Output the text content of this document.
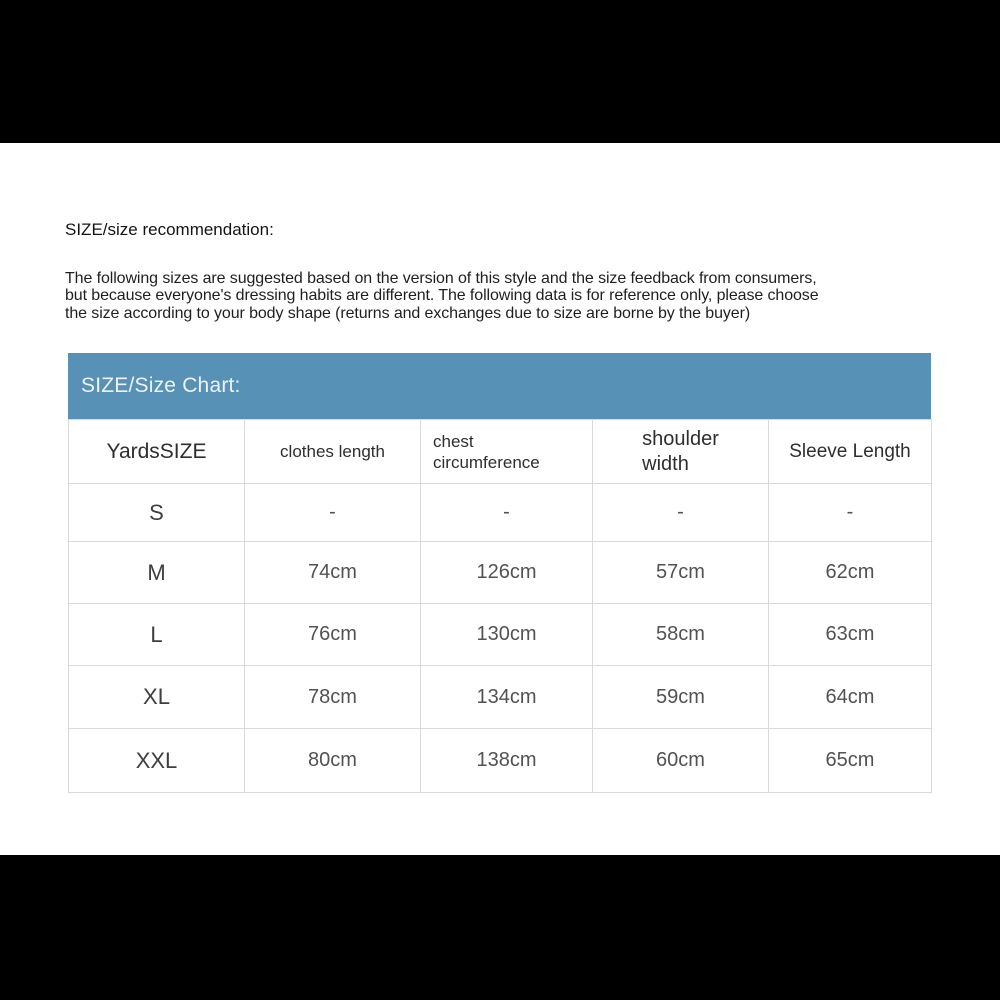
SIZE/size recommendation:
The following sizes are suggested based on the version of this style and the size feedback from consumers,
but because everyone's dressing habits are different. The following data is for reference only, please choose
the size according to your body shape (returns and exchanges due to size are borne by the buyer)
SIZE/Size Chart:
YardsSIZE	clothes length	chest circumference	shoulder width	Sleeve Length
S	-	-	-	-
M	74cm	126cm	57cm	62cm
L	76cm	130cm	58cm	63cm
XL	78cm	134cm	59cm	64cm
XXL	80cm	138cm	60cm	65cm
